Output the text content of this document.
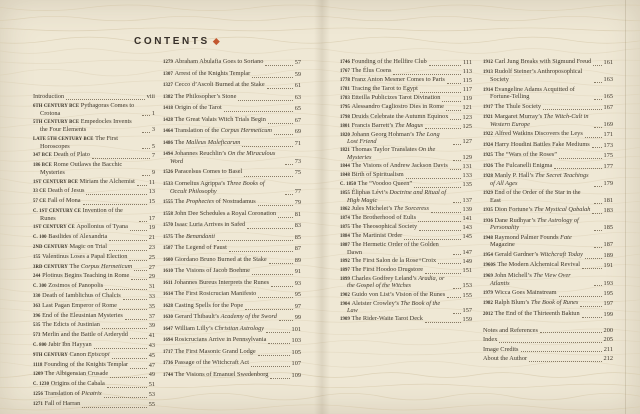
CONTENTS
Introduction	viii
6TH CENTURY BCE Pythagoras Comes to Crotona	1
5TH CENTURY BCE Empedocles Invents the Four Elements	3
LATE 5TH CENTURY BCE The First Horoscopes	5
347 BCE Death of Plato	7
186 BCE Rome Outlaws the Bacchic Mysteries	9
1ST CENTURY BCE Miriam the Alchemist 11
33 CE Death of Jesus	13
57 CE Fall of Mona	15
C. 1ST CENTURY CE Invention of the Runes	17
1ST CENTURY CE Apollonius of Tyana	19
C. 100 Basilides of Alexandria	21
2ND CENTURY Magic on Trial	23
155 Valentinus Loses a Papal Election	25
3RD CENTURY The Corpus Hermeticum	27
244 Plotinus Begins Teaching in Rome	29
C. 300 Zosimos of Panopolis	31
330 Death of Iamblichus of Chalcis	33
363 Last Pagan Emperor of Rome	35
396 End of the Eleusinian Mysteries	37
535 The Edicts of Justinian	39
573 Merlin and the Battle of Arderydd	41
C. 800 Jabir Ibn Hayyan	43
9TH CENTURY Canon Episcopi	45
1118 Founding of the Knights Templar	47
1209 The Albigensian Crusade	49
C. 1230 Origins of the Cabala	51
1256 Translation of Picatrix	53
1271 Fall of Harran	55
1279 Abraham Abulafia Goes to Soriano	57
1307 Arrest of the Knights Templar	59
1327 Cecco d’Ascoli Burned at the Stake	61
1382 The Philosopher’s Stone	63
1418 Origin of the Tarot	65
1428 The Great Valais Witch Trials Begin	67
1464 Translation of the Corpus Hermeticum	69
1486 The Malleus Maleficarum	71
1494 Johannes Reuchlin’s On the Miraculous Word	73
1526 Paracelsus Comes to Basel	75
1533 Cornelius Agrippa’s Three Books of Occult Philosophy	77
1555 The Prophecies of Nostradamus	79
1558 John Dee Schedules a Royal Coronation	81
1570 Isaac Luria Arrives in Safed	83
1575 The Benandanti	85
1587 The Legend of Faust	87
1600 Giordano Bruno Burned at the Stake	89
1610 The Visions of Jacob Boehme	91
1611 Johannes Bureus Interprets the Runes	93
1614 The First Rosicrucian Manifesto	95
1628 Casting Spells for the Pope	97
1630 Gerard Thibault’s Academy of the Sword	99
1647 William Lilly’s Christian Astrology	101
1694 Rosicrucians Arrive in Pennsylvania	103
1717 The First Masonic Grand Lodge	105
1736 Passage of the Witchcraft Act	107
1744 The Visions of Emanuel Swedenborg	109
1746 Founding of the Hellfire Club	111
1767 The Élus Coens	113
1778 Franz Anton Mesmer Comes to Paris	115
1781 Tracing the Tarot to Egypt	117
1783 Etteilla Publicizes Tarot Divination	119
1795 Alessandro Cagliostro Dies in Rome	121
1798 Druids Celebrate the Autumn Equinox 123
1801 Francis Barrett’s The Magus	125
1820 Johann Georg Hohman’s The Long Lost Friend	127
1821 Thomas Taylor Translates On the Mysteries	129
1844 The Visions of Andrew Jackson Davis 131
1848 Birth of Spiritualism	133
C. 1850 The “Voodoo Queen”	135
1855 Éliphas Lévi’s Doctrine and Ritual of High Magic	137
1862 Jules Michelet’s The Sorceress	139
1874 The Brotherhood of Eulis	141
1875 The Theosophical Society	143
1884 The Martinist Order	145
1887 The Hermetic Order of the Golden Dawn	147
1892 The First Salon de la Rose+Croix	149
1897 The First Hoodoo Drugstore	151
1899 Charles Godfrey Leland’s Aradia, or the Gospel of the Witches	153
1902 Guido von List’s Vision of the Runes	155
1904 Aleister Crowley’s The Book of the Law	157
1909 The Rider-Waite Tarot Deck	159
1912 Carl Jung Breaks with Sigmund Freud 161
1913 Rudolf Steiner’s Anthroposophical Society	163
1914 Evangeline Adams Acquitted of Fortune-Telling	165
1917 The Thule Society	167
1921 Margaret Murray’s The Witch-Cult in Western Europe	169
1922 Alfred Watkins Discovers the Leys	171
1924 Harry Houdini Battles Fake Mediums 173
1925 The “Wars of the Roses”	175
1926 The Fulcanelli Enigma	177
1928 Manly P. Hall’s The Secret Teachings of All Ages	179
1929 End of the Order of the Star in the East	181
1935 Dion Fortune’s The Mystical Qabalah 183
1936 Dane Rudhyar’s The Astrology of Personality	185
1948 Raymond Palmer Founds Fate Magazine	187
1954 Gerald Gardner’s Witchcraft Today	189
1960S The Modern Alchemical Revival	191
1969 John Michell’s The View Over Atlantis	193
1979 Wicca Goes Mainstream	195
1982 Ralph Blum’s The Book of Runes	197
2012 The End of the Thirteenth Baktun	199
Notes and References	200
Index	205
Image Credits	211
About the Author	212
